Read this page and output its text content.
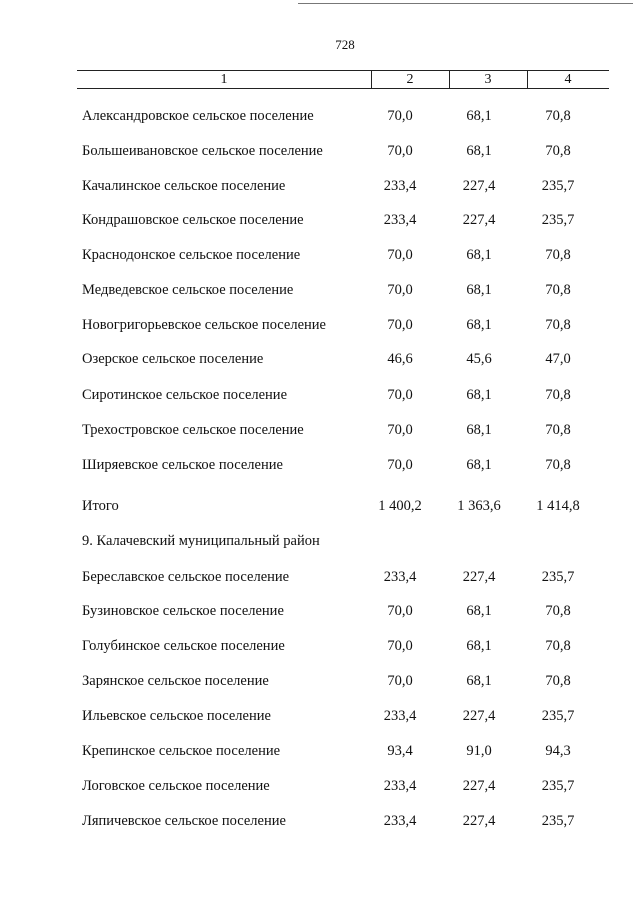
728
1	2	3	4
Александровское сельское поселение	70,0	68,1	70,8
Большеивановское сельское поселение	70,0	68,1	70,8
Качалинское сельское поселение	233,4	227,4	235,7
Кондрашовское сельское поселение	233,4	227,4	235,7
Краснодонское сельское поселение	70,0	68,1	70,8
Медведевское сельское поселение	70,0	68,1	70,8
Новогригорьевское сельское поселение	70,0	68,1	70,8
Озерское сельское поселение	46,6	45,6	47,0
Сиротинское сельское поселение	70,0	68,1	70,8
Трехостровское сельское поселение	70,0	68,1	70,8
Ширяевское сельское поселение	70,0	68,1	70,8
Итого	1 400,2	1 363,6	1 414,8
9. Калачевский муниципальный район
Береславское сельское поселение	233,4	227,4	235,7
Бузиновское сельское поселение	70,0	68,1	70,8
Голубинское сельское поселение	70,0	68,1	70,8
Зарянское сельское поселение	70,0	68,1	70,8
Ильевское сельское поселение	233,4	227,4	235,7
Крепинское сельское поселение	93,4	91,0	94,3
Логовское сельское поселение	233,4	227,4	235,7
Ляпичевское сельское поселение	233,4	227,4	235,7
